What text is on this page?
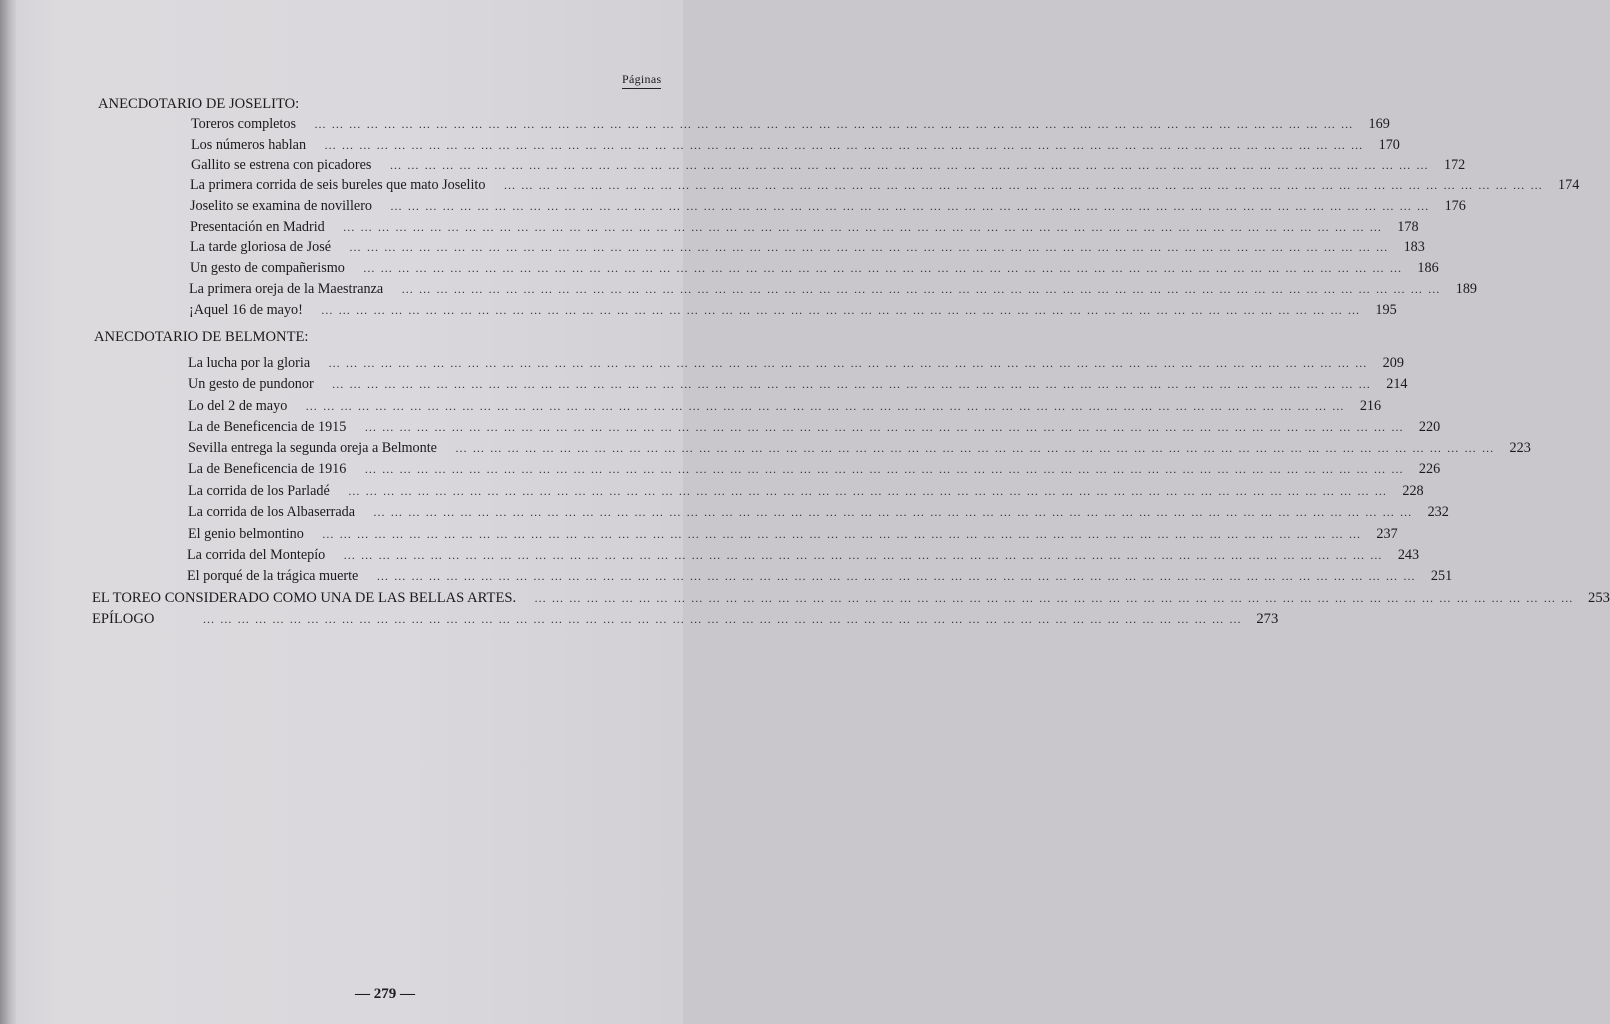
Páginas
ANECDOTARIO DE JOSELITO:
Toreros completos … … … … … … … … … … … … … … … … … … … … … … … … … … … … … … … … … … … … … … … … … … … … … … … … … … … … … … … … … … … …	169
Los números hablan … … … … … … … … … … … … … … … … … … … … … … … … … … … … … … … … … … … … … … … … … … … … … … … … … … … … … … … … … … … …	170
Gallito se estrena con picadores … … … … … … … … … … … … … … … … … … … … … … … … … … … … … … … … … … … … … … … … … … … … … … … … … … … … … … … … … … … …	172
La primera corrida de seis bureles que mato Joselito … … … … … … … … … … … … … … … … … … … … … … … … … … … … … … … … … … … … … … … … … … … … … … … … … … … … … … … … … … … …	174
Joselito se examina de novillero … … … … … … … … … … … … … … … … … … … … … … … … … … … … … … … … … … … … … … … … … … … … … … … … … … … … … … … … … … … …	176
Presentación en Madrid … … … … … … … … … … … … … … … … … … … … … … … … … … … … … … … … … … … … … … … … … … … … … … … … … … … … … … … … … … … …	178
La tarde gloriosa de José … … … … … … … … … … … … … … … … … … … … … … … … … … … … … … … … … … … … … … … … … … … … … … … … … … … … … … … … … … … …	183
Un gesto de compañerismo … … … … … … … … … … … … … … … … … … … … … … … … … … … … … … … … … … … … … … … … … … … … … … … … … … … … … … … … … … … …	186
La primera oreja de la Maestranza … … … … … … … … … … … … … … … … … … … … … … … … … … … … … … … … … … … … … … … … … … … … … … … … … … … … … … … … … … … …	189
¡Aquel 16 de mayo! … … … … … … … … … … … … … … … … … … … … … … … … … … … … … … … … … … … … … … … … … … … … … … … … … … … … … … … … … … … …	195
ANECDOTARIO DE BELMONTE:
La lucha por la gloria … … … … … … … … … … … … … … … … … … … … … … … … … … … … … … … … … … … … … … … … … … … … … … … … … … … … … … … … … … … …	209
Un gesto de pundonor … … … … … … … … … … … … … … … … … … … … … … … … … … … … … … … … … … … … … … … … … … … … … … … … … … … … … … … … … … … …	214
Lo del 2 de mayo … … … … … … … … … … … … … … … … … … … … … … … … … … … … … … … … … … … … … … … … … … … … … … … … … … … … … … … … … … … …	216
La de Beneficencia de 1915 … … … … … … … … … … … … … … … … … … … … … … … … … … … … … … … … … … … … … … … … … … … … … … … … … … … … … … … … … … … …	220
Sevilla entrega la segunda oreja a Belmonte … … … … … … … … … … … … … … … … … … … … … … … … … … … … … … … … … … … … … … … … … … … … … … … … … … … … … … … … … … … …	223
La de Beneficencia de 1916 … … … … … … … … … … … … … … … … … … … … … … … … … … … … … … … … … … … … … … … … … … … … … … … … … … … … … … … … … … … …	226
La corrida de los Parladé … … … … … … … … … … … … … … … … … … … … … … … … … … … … … … … … … … … … … … … … … … … … … … … … … … … … … … … … … … … …	228
La corrida de los Albaserrada … … … … … … … … … … … … … … … … … … … … … … … … … … … … … … … … … … … … … … … … … … … … … … … … … … … … … … … … … … … …	232
El genio belmontino … … … … … … … … … … … … … … … … … … … … … … … … … … … … … … … … … … … … … … … … … … … … … … … … … … … … … … … … … … … …	237
La corrida del Montepío … … … … … … … … … … … … … … … … … … … … … … … … … … … … … … … … … … … … … … … … … … … … … … … … … … … … … … … … … … … …	243
El porqué de la trágica muerte … … … … … … … … … … … … … … … … … … … … … … … … … … … … … … … … … … … … … … … … … … … … … … … … … … … … … … … … … … … …	251
EL TOREO CONSIDERADO COMO UNA DE LAS BELLAS ARTES. … … … … … … … … … … … … … … … … … … … … … … … … … … … … … … … … … … … … … … … … … … … … … … … … … … … … … … … … … … … … 253
EPÍLOGO	… … … … … … … … … … … … … … … … … … … … … … … … … … … … … … … … … … … … … … … … … … … … … … … … … … … … … … … … … … … … 273
— 279 —
